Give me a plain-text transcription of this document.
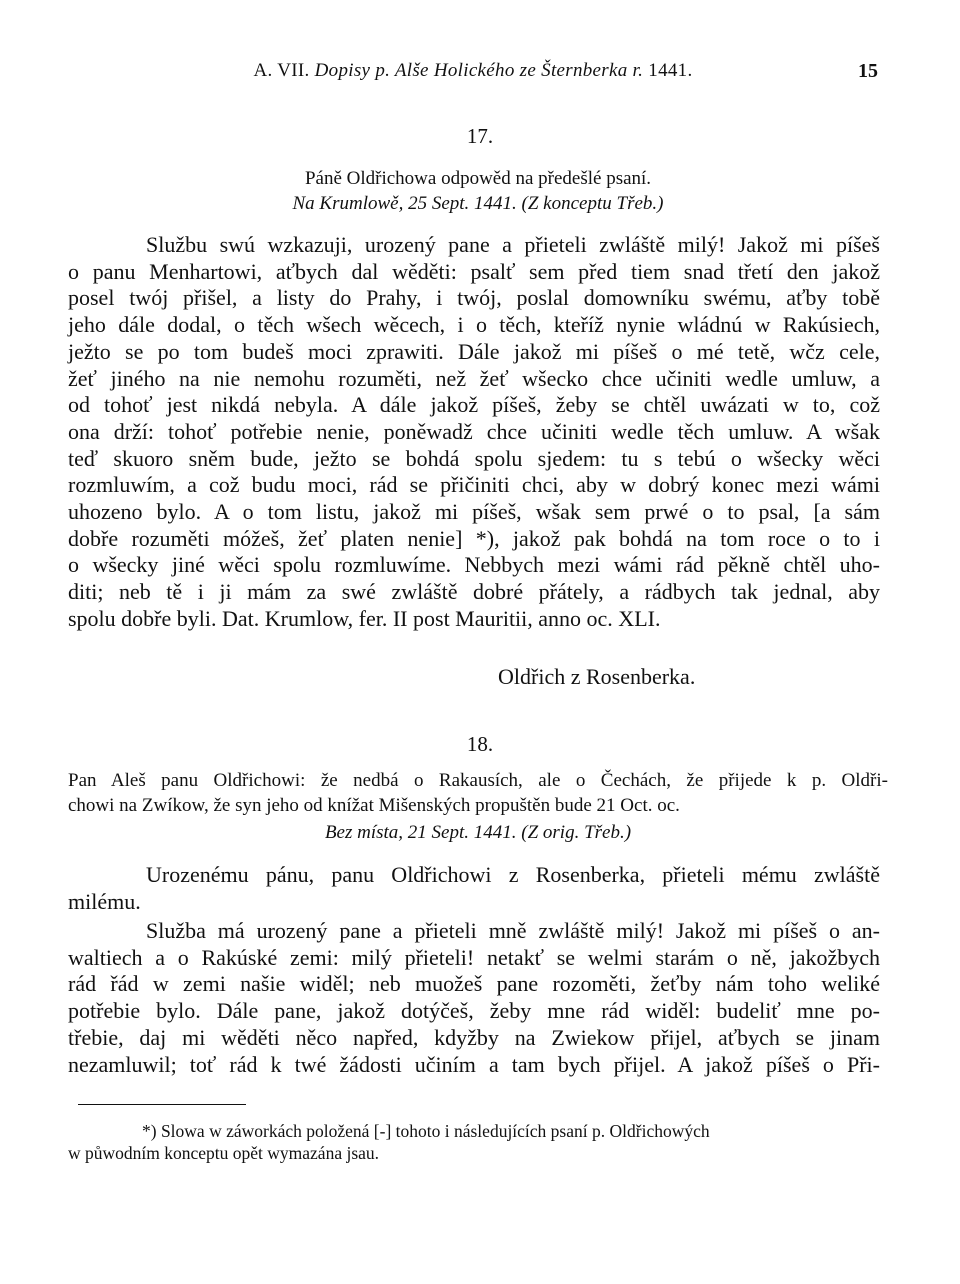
A. VII. Dopisy p. Alše Holického ze Šternberka r. 1441.	15
17.
Páně Oldřichowa odpowěd na předešlé psaní.
Na Krumlowě, 25 Sept. 1441. (Z konceptu Třeb.)
Službu swú wzkazuji, urozený pane a přieteli zwláště milý! Jakož mi píšeš
o panu Menhartowi, aťbych dal wěděti: psalť sem před tiem snad třetí den jakož
posel twój přišel, a listy do Prahy, i twój, poslal domowníku swému, aťby tobě
jeho dále dodal, o těch wšech wěcech, i o těch, kteříž nynie wládnú w Rakúsiech,
ježto se po tom budeš moci zprawiti. Dále jakož mi píšeš o mé tetě, wčz cele,
žeť jiného na nie nemohu rozuměti, než žeť wšecko chce učiniti wedle umluw, a
od tohoť jest nikdá nebyla. A dále jakož píšeš, žeby se chtěl uwázati w to, což
ona drží: tohoť potřebie nenie, poněwadž chce učiniti wedle těch umluw. A wšak
teď skuoro sněm bude, ježto se bohdá spolu sjedem: tu s tebú o wšecky wěci
rozmluwím, a což budu moci, rád se přičiniti chci, aby w dobrý konec mezi wámi
uhozeno bylo. A o tom listu, jakož mi píšeš, wšak sem prwé o to psal, [a sám
dobře rozuměti móžeš, žeť platen nenie] *), jakož pak bohdá na tom roce o to i
o wšecky jiné wěci spolu rozmluwíme. Nebbych mezi wámi rád pěkně chtěl uho-
diti; neb tě i ji mám za swé zwláště dobré přátely, a rádbych tak jednal, aby
spolu dobře byli. Dat. Krumlow, fer. II post Mauritii, anno oc. XLI.
Oldřich z Rosenberka.
18.
Pan Aleš panu Oldřichowi: že nedbá o Rakausích, ale o Čechách, že přijede k p. Oldři-
chowi na Zwíkow, že syn jeho od knížat Mišenských propuštěn bude 21 Oct. oc.
Bez místa, 21 Sept. 1441. (Z orig. Třeb.)
Urozenému pánu, panu Oldřichowi z Rosenberka, přieteli mému zwláště
milému.
Služba má urozený pane a přieteli mně zwláště milý! Jakož mi píšeš o an-
waltiech a o Rakúské zemi: milý přieteli! netakť se welmi starám o ně, jakožbych
rád řád w zemi našie widěl; neb muožeš pane rozoměti, žeťby nám toho weliké
potřebie bylo. Dále pane, jakož dotýčeš, žeby mne rád widěl: budeliť mne po-
třebie, daj mi wěděti něco napřed, kdyžby na Zwiekow přijel, aťbych se jinam
nezamluwil; toť rád k twé žádosti učiním a tam bych přijel. A jakož píšeš o Při-
*) Slowa w záworkách položená [-] tohoto i následujících psaní p. Oldřichowých
w půwodním konceptu opět wymazána jsau.
